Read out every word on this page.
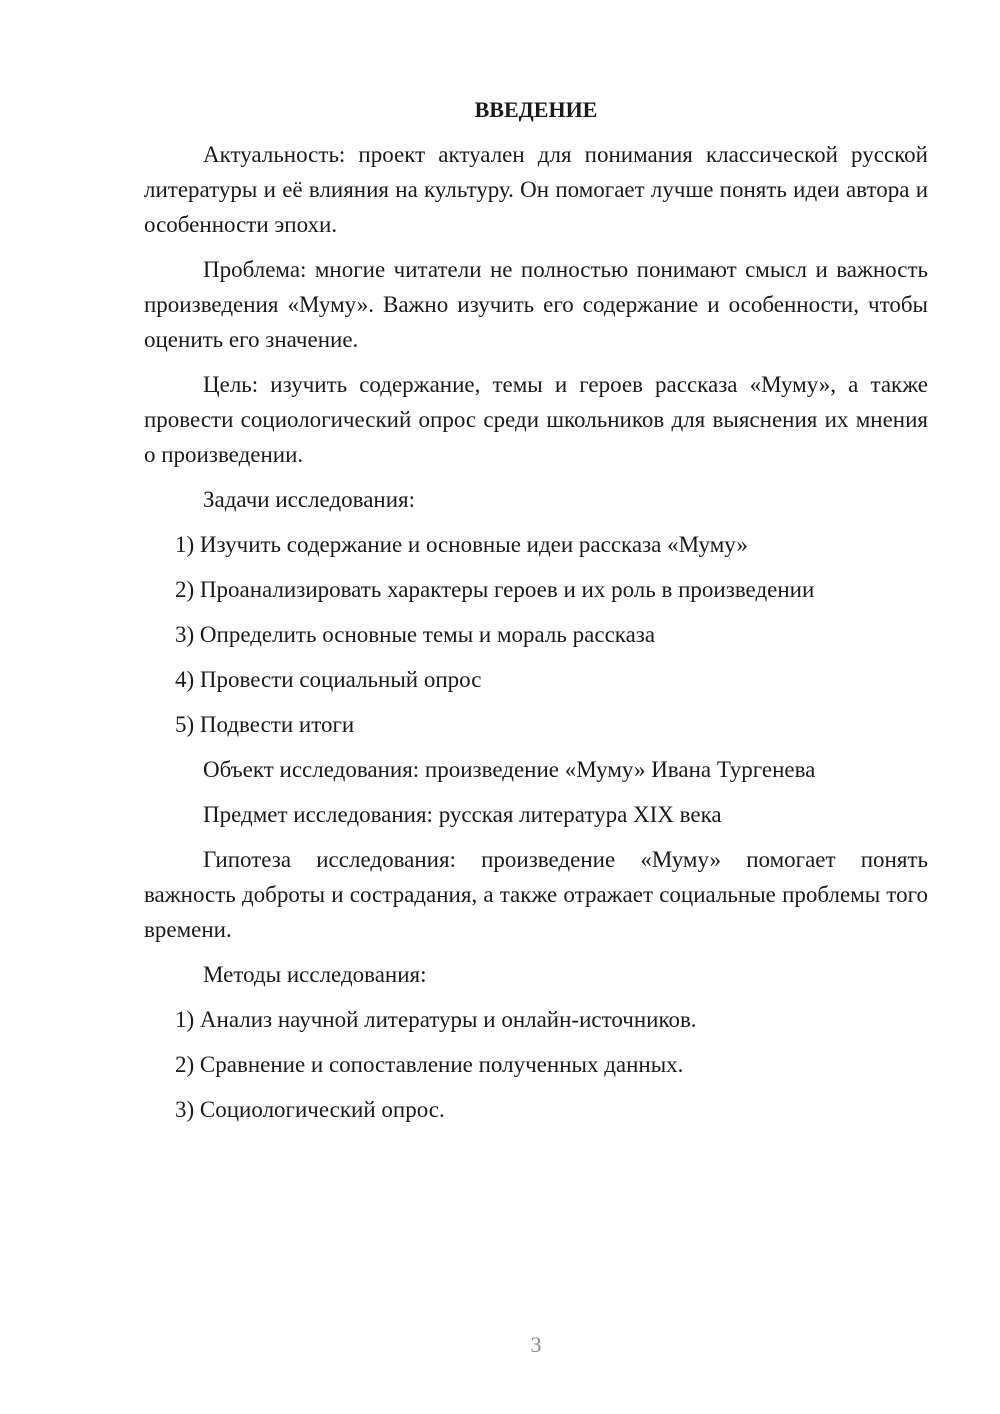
ВВЕДЕНИЕ

Актуальность: проект актуален для понимания классической русской литературы и её влияния на культуру. Он помогает лучше понять идеи автора и особенности эпохи.

Проблема: многие читатели не полностью понимают смысл и важность произведения «Муму». Важно изучить его содержание и особенности, чтобы оценить его значение.

Цель: изучить содержание, темы и героев рассказа «Муму», а также провести социологический опрос среди школьников для выяснения их мнения о произведении.

Задачи исследования:
1) Изучить содержание и основные идеи рассказа «Муму»
2) Проанализировать характеры героев и их роль в произведении
3) Определить основные темы и мораль рассказа
4) Провести социальный опрос
5) Подвести итоги
Объект исследования: произведение «Муму» Ивана Тургенева
Предмет исследования: русская литература XIX века

Гипотеза исследования: произведение «Муму» помогает понять важность доброты и сострадания, а также отражает социальные проблемы того времени.

Методы исследования:
1) Анализ научной литературы и онлайн-источников.
2) Сравнение и сопоставление полученных данных.
3) Социологический опрос.
3
